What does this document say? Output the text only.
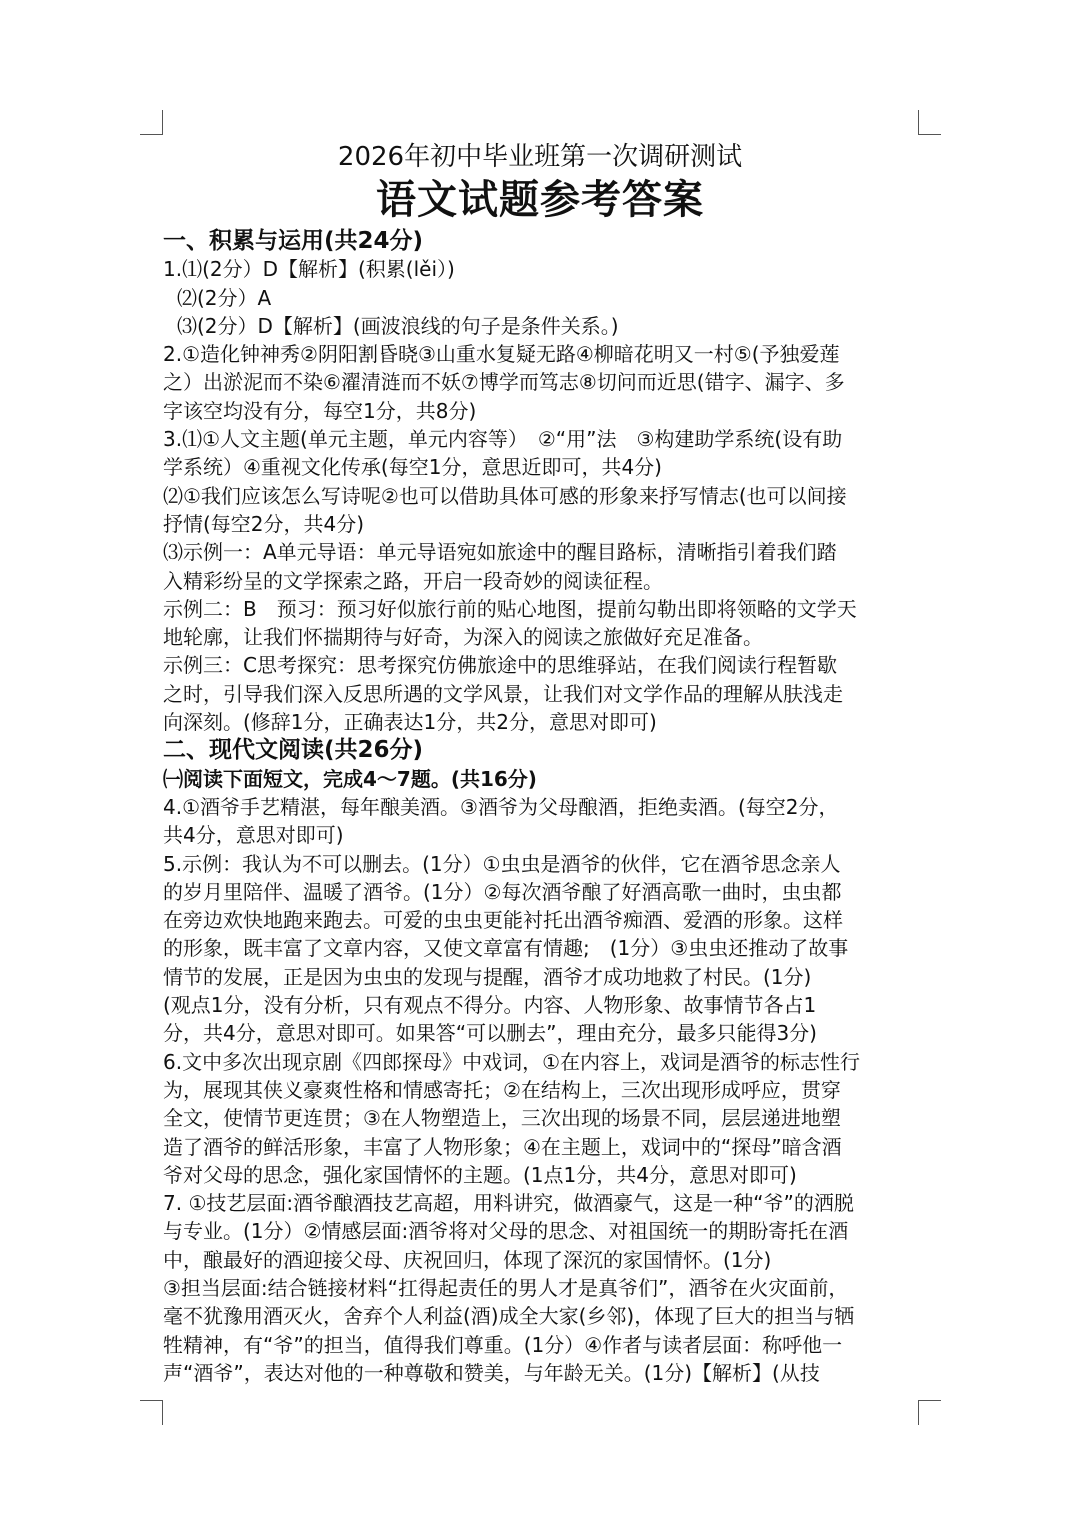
2026年初中毕业班第一次调研测试
语文试题参考答案
一、积累与运用(共24分)
1.⑴(2分）D【解析】(积累(lěi）)
⑵(2分）A
⑶(2分）D【解析】(画波浪线的句子是条件关系。)
2.①造化钟神秀②阴阳割昏晓③山重水复疑无路④柳暗花明又一村⑤(予独爱莲
之）出淤泥而不染⑥濯清涟而不妖⑦博学而笃志⑧切问而近思(错字、漏字、多
字该空均没有分，每空1分，共8分)
3.⑴①人文主题(单元主题，单元内容等）　②“用”法　③构建助学系统(设有助
学系统）④重视文化传承(每空1分，意思近即可，共4分)
⑵①我们应该怎么写诗呢②也可以借助具体可感的形象来抒写情志(也可以间接
抒情(每空2分，共4分)
⑶示例一：A单元导语：单元导语宛如旅途中的醒目路标，清晰指引着我们踏
入精彩纷呈的文学探索之路，开启一段奇妙的阅读征程。
示例二：B　预习：预习好似旅行前的贴心地图，提前勾勒出即将领略的文学天
地轮廓，让我们怀揣期待与好奇，为深入的阅读之旅做好充足准备。
示例三：C思考探究：思考探究仿佛旅途中的思维驿站，在我们阅读行程暂歇
之时，引导我们深入反思所遇的文学风景，让我们对文学作品的理解从肤浅走
向深刻。(修辞1分，正确表达1分，共2分，意思对即可)
二、现代文阅读(共26分)
㈠阅读下面短文，完成4～7题。(共16分)
4.①酒爷手艺精湛，每年酿美酒。③酒爷为父母酿酒，拒绝卖酒。(每空2分，
共4分，意思对即可)
5.示例：我认为不可以删去。(1分）①虫虫是酒爷的伙伴，它在酒爷思念亲人
的岁月里陪伴、温暖了酒爷。(1分）②每次酒爷酿了好酒高歌一曲时，虫虫都
在旁边欢快地跑来跑去。可爱的虫虫更能衬托出酒爷痴酒、爱酒的形象。这样
的形象，既丰富了文章内容，又使文章富有情趣;　(1分）③虫虫还推动了故事
情节的发展，正是因为虫虫的发现与提醒，酒爷才成功地救了村民。(1分)
(观点1分，没有分析，只有观点不得分。内容、人物形象、故事情节各占1
分，共4分，意思对即可。如果答“可以删去”，理由充分，最多只能得3分)
6.文中多次出现京剧《四郎探母》中戏词，①在内容上，戏词是酒爷的标志性行
为，展现其侠义豪爽性格和情感寄托；②在结构上，三次出现形成呼应，贯穿
全文，使情节更连贯；③在人物塑造上，三次出现的场景不同，层层递进地塑
造了酒爷的鲜活形象，丰富了人物形象；④在主题上，戏词中的“探母”暗含酒
爷对父母的思念，强化家国情怀的主题。(1点1分，共4分，意思对即可)
7. ①技艺层面:酒爷酿酒技艺高超，用料讲究，做酒豪气，这是一种“爷”的洒脱
与专业。(1分）②情感层面:酒爷将对父母的思念、对祖国统一的期盼寄托在酒
中，酿最好的酒迎接父母、庆祝回归，体现了深沉的家国情怀。(1分)
③担当层面:结合链接材料“扛得起责任的男人才是真爷们”，酒爷在火灾面前，
毫不犹豫用酒灭火，舍弃个人利益(酒)成全大家(乡邻)，体现了巨大的担当与牺
牲精神，有“爷”的担当，值得我们尊重。(1分）④作者与读者层面：称呼他一
声“酒爷”，表达对他的一种尊敬和赞美，与年龄无关。(1分)【解析】(从技
